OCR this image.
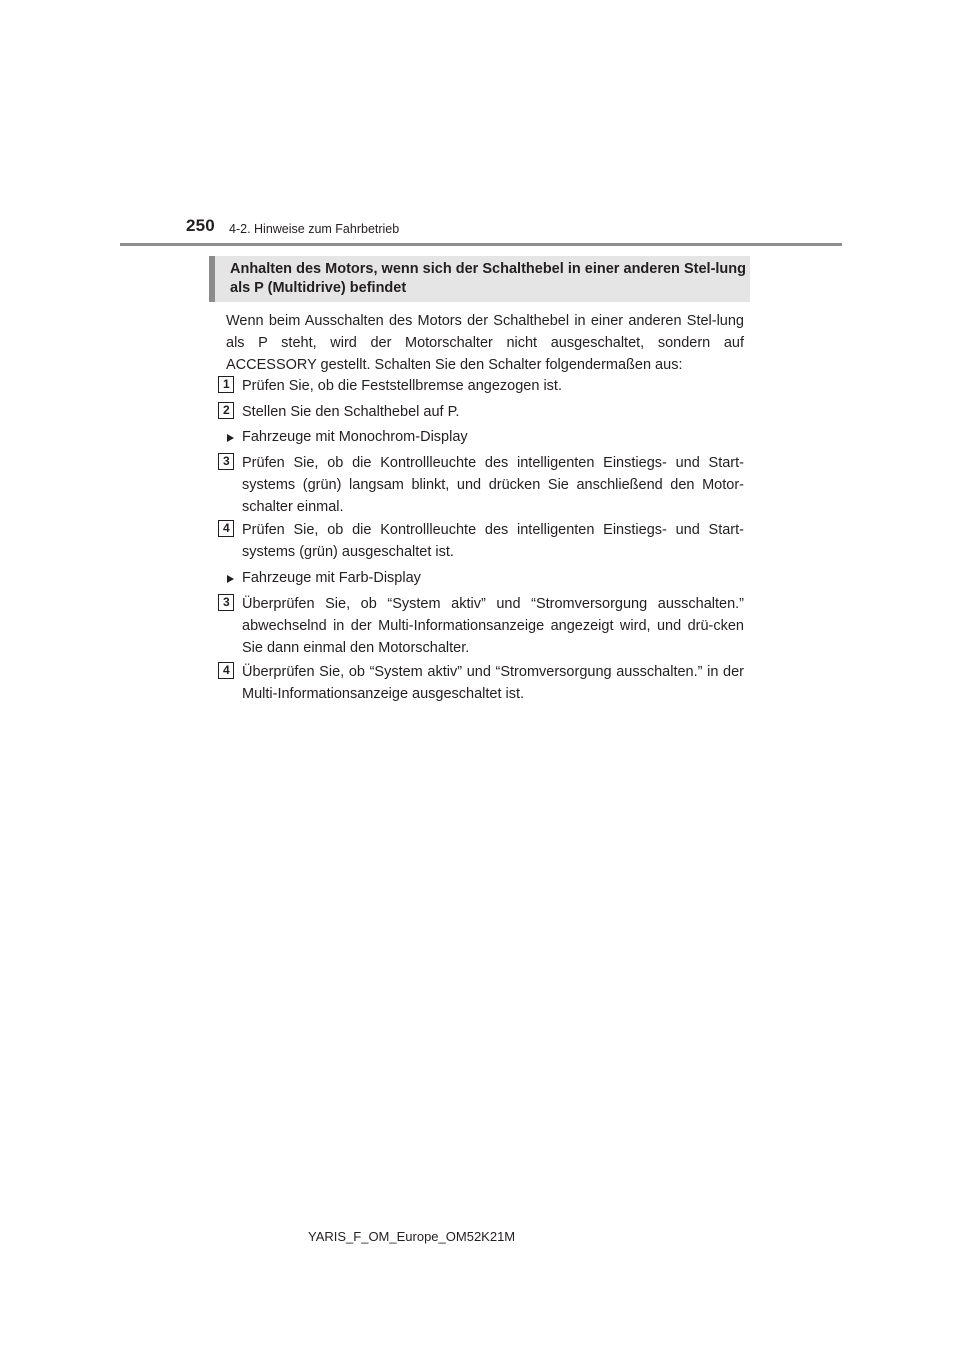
250 4-2. Hinweise zum Fahrbetrieb
Anhalten des Motors, wenn sich der Schalthebel in einer anderen Stel-lung als P (Multidrive) befindet
Wenn beim Ausschalten des Motors der Schalthebel in einer anderen Stel-lung als P steht, wird der Motorschalter nicht ausgeschaltet, sondern auf ACCESSORY gestellt. Schalten Sie den Schalter folgendermaßen aus:
1 Prüfen Sie, ob die Feststellbremse angezogen ist.
2 Stellen Sie den Schalthebel auf P.
Fahrzeuge mit Monochrom-Display
3 Prüfen Sie, ob die Kontrollleuchte des intelligenten Einstiegs- und Start-systems (grün) langsam blinkt, und drücken Sie anschließend den Motor-schalter einmal.
4 Prüfen Sie, ob die Kontrollleuchte des intelligenten Einstiegs- und Start-systems (grün) ausgeschaltet ist.
Fahrzeuge mit Farb-Display
3 Überprüfen Sie, ob “System aktiv” und “Stromversorgung ausschalten.” abwechselnd in der Multi-Informationsanzeige angezeigt wird, und drü-cken Sie dann einmal den Motorschalter.
4 Überprüfen Sie, ob “System aktiv” und “Stromversorgung ausschalten.” in der Multi-Informationsanzeige ausgeschaltet ist.
YARIS_F_OM_Europe_OM52K21M
